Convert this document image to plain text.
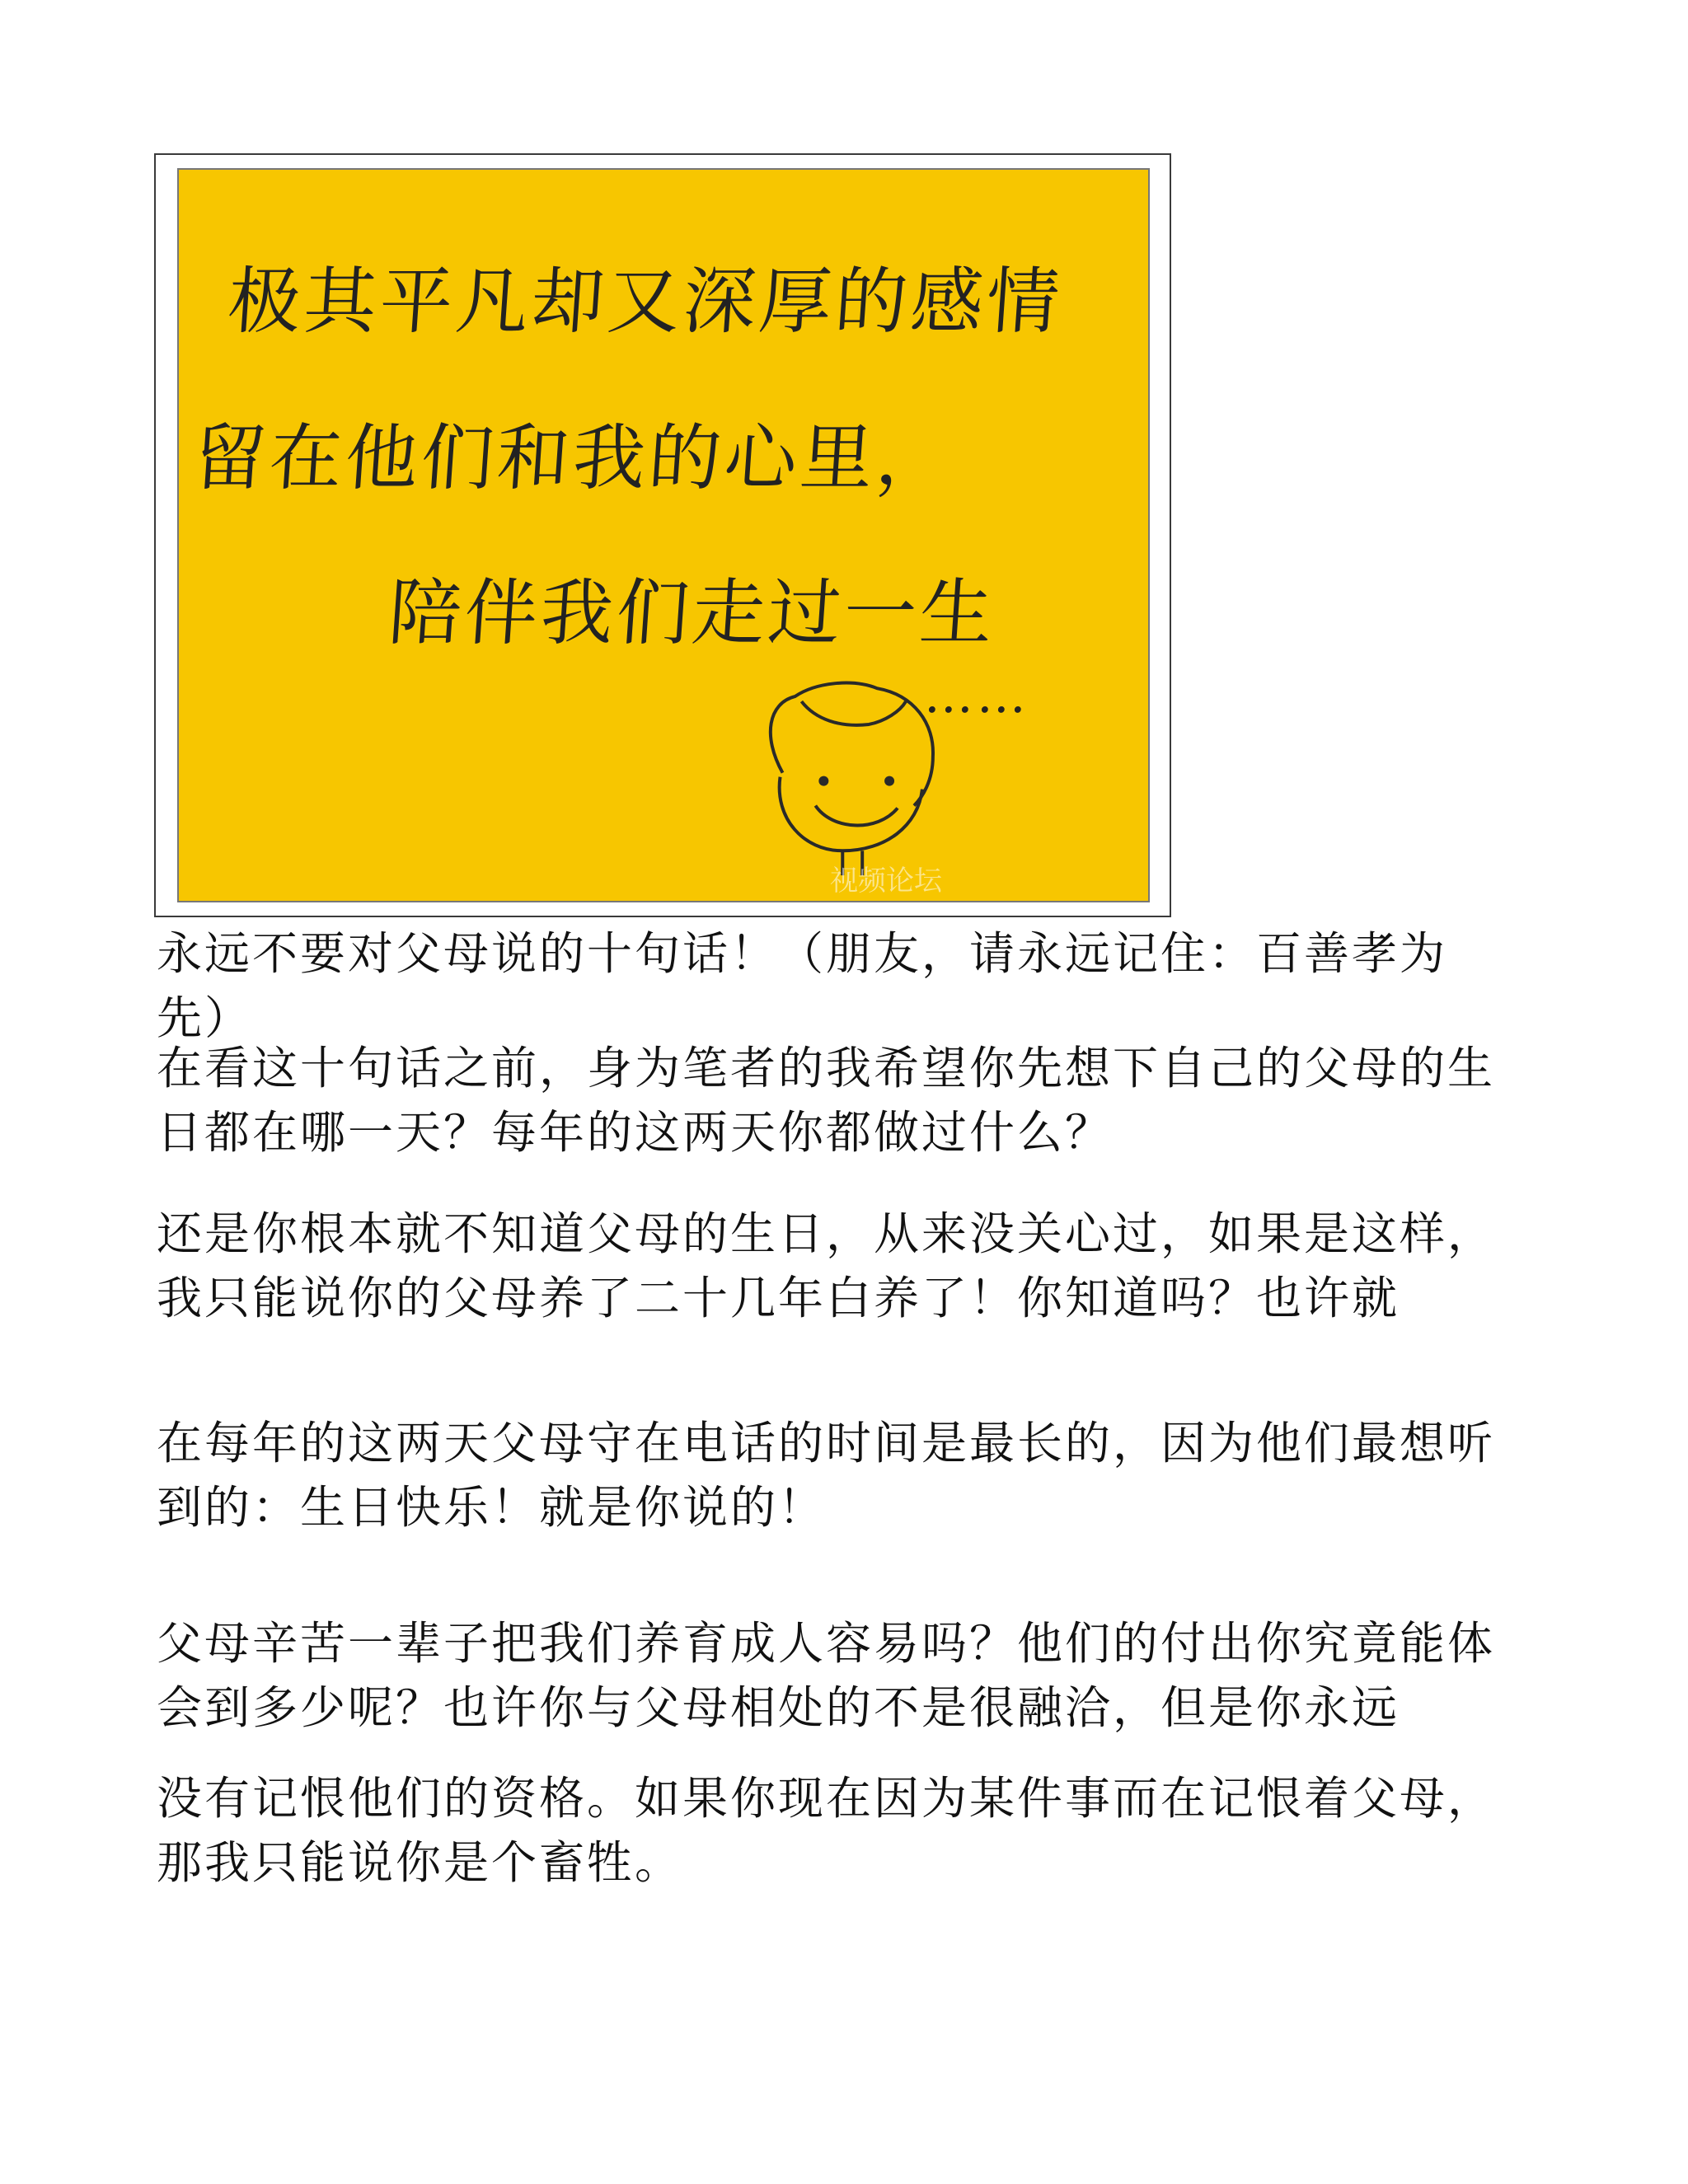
极其平凡却又深厚的感情
留在他们和我的心里，
陪伴我们走过一生
……
视频论坛
永远不要对父母说的十句话！（朋友，请永远记住：百善孝为先）
在看这十句话之前，身为笔者的我希望你先想下自己的父母的生日都在哪一天？每年的这两天你都做过什么？
还是你根本就不知道父母的生日，从来没关心过，如果是这样，我只能说你的父母养了二十几年白养了！你知道吗？也许就
在每年的这两天父母守在电话的时间是最长的，因为他们最想听到的：生日快乐！就是你说的！
父母辛苦一辈子把我们养育成人容易吗？他们的付出你究竟能体会到多少呢？也许你与父母相处的不是很融洽，但是你永远
没有记恨他们的资格。如果你现在因为某件事而在记恨着父母，那我只能说你是个畜牲。
